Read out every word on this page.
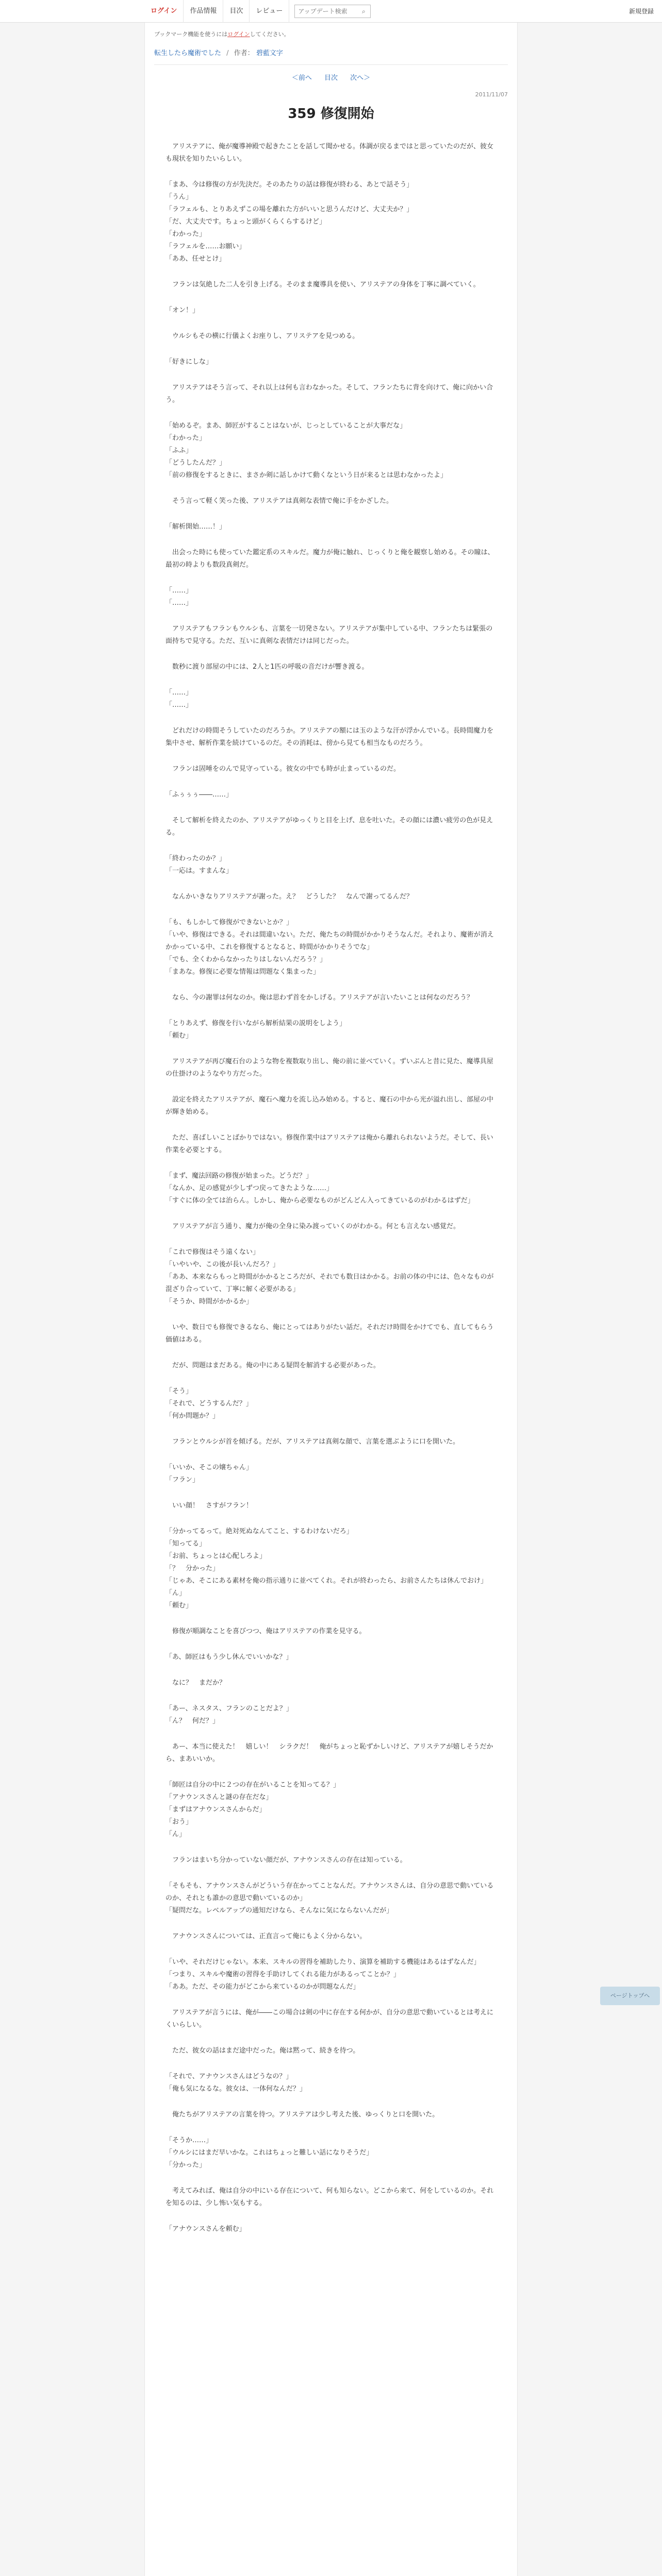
ログイン	作品情報	目次	レビュー
アップデート検索	⌕	新規登録
ブックマーク機能を使うにはログインしてください。
転生したら魔術でした / 作者： 碧藍文字
＜前へ 目次 次へ＞
2011/11/07
359 修復開始

　アリステアに、俺が魔導神殿で起きたことを話して聞かせる。体調が戻るまではと思っていたのだが、彼女も現状を知りたいらしい。

「まあ、今は修復の方が先決だ。そのあたりの話は修復が終わる、あとで話そう」
「うん」
「ラフェルも、とりあえずこの場を離れた方がいいと思うんだけど、大丈夫か？」
「だ、大丈夫です。ちょっと頭がくらくらするけど」
「わかった」
「ラフェルを……お願い」
「ああ、任せとけ」

　フランは気絶した二人を引き上げる。そのまま魔導具を使い、アリステアの身体を丁寧に調べていく。

「オン！」

　ウルシもその横に行儀よくお座りし、アリステアを見つめる。

「好きにしな」

　アリステアはそう言って、それ以上は何も言わなかった。そして、フランたちに背を向けて、俺に向かい合う。

「始めるぞ。まあ、師匠がすることはないが、じっとしていることが大事だな」
「わかった」
「ふふ」
「どうしたんだ？」
「前の修復をするときに、まさか剣に話しかけて動くなという日が来るとは思わなかったよ」

　そう言って軽く笑った後、アリステアは真剣な表情で俺に手をかざした。

「解析開始……！」

　出会った時にも使っていた鑑定系のスキルだ。魔力が俺に触れ、じっくりと俺を観察し始める。その瞳は、最初の時よりも数段真剣だ。

「……」
「……」

　アリステアもフランもウルシも、言葉を一切発さない。アリステアが集中している中、フランたちは緊張の面持ちで見守る。ただ、互いに真剣な表情だけは同じだった。

　数秒に渡り部屋の中には、2人と1匹の呼吸の音だけが響き渡る。

「……」
「……」

　どれだけの時間そうしていたのだろうか。アリステアの額には玉のような汗が浮かんでいる。長時間魔力を集中させ、解析作業を続けているのだ。その消耗は、傍から見ても相当なものだろう。

　フランは固唾をのんで見守っている。彼女の中でも時が止まっているのだ。

「ふぅぅぅ――……」

　そして解析を終えたのか、アリステアがゆっくりと目を上げ、息を吐いた。その顔には濃い疲労の色が見える。

「終わったのか？」
「一応は。すまんな」

　なんかいきなりアリステアが謝った。え？　どうした？　なんで謝ってるんだ？

「も、もしかして修復ができないとか？」
「いや、修復はできる。それは間違いない。ただ、俺たちの時間がかかりそうなんだ。それより、魔術が消えかかっている中、これを修復するとなると、時間がかかりそうでな」
「でも、全くわからなかったりはしないんだろう？」
「まあな。修復に必要な情報は問題なく集まった」

　なら、今の謝罪は何なのか。俺は思わず首をかしげる。アリステアが言いたいことは何なのだろう？

「とりあえず、修復を行いながら解析結果の説明をしよう」
「頼む」

　アリステアが再び魔石台のような物を複数取り出し、俺の前に並べていく。ずいぶんと昔に見た、魔導具屋の仕掛けのようなやり方だった。

　設定を終えたアリステアが、魔石へ魔力を流し込み始める。すると、魔石の中から光が溢れ出し、部屋の中が輝き始める。

　ただ、喜ばしいことばかりではない。修復作業中はアリステアは俺から離れられないようだ。そして、長い作業を必要とする。

「まず、魔法回路の修復が始まった。どうだ？」
「なんか、足の感覚が少しずつ戻ってきたような……」
「すぐに体の全ては治らん。しかし、俺から必要なものがどんどん入ってきているのがわかるはずだ」

　アリステアが言う通り、魔力が俺の全身に染み渡っていくのがわかる。何とも言えない感覚だ。

「これで修復はそう遠くない」
「いやいや、この後が長いんだろ？」
「ああ、本来ならもっと時間がかかるところだが、それでも数日はかかる。お前の体の中には、色々なものが混ざり合っていて、丁寧に解く必要がある」
「そうか、時間がかかるか」

　いや、数日でも修復できるなら、俺にとってはありがたい話だ。それだけ時間をかけてでも、直してもらう価値はある。

　だが、問題はまだある。俺の中にある疑問を解消する必要があった。

「そう」
「それで、どうするんだ？」
「何か問題か？」

　フランとウルシが首を傾げる。だが、アリステアは真剣な顔で、言葉を選ぶように口を開いた。

「いいか、そこの嬢ちゃん」
「フラン」

　いい顔！　さすがフラン！

「分かってるって。絶対死ぬなんてこと、するわけないだろ」
「知ってる」
「お前、ちょっとは心配しろよ」
「？　分かった」
「じゃあ、そこにある素材を俺の指示通りに並べてくれ。それが終わったら、お前さんたちは休んでおけ」
「ん」
「頼む」

　修復が順調なことを喜びつつ、俺はアリステアの作業を見守る。

「あ、師匠はもう少し休んでいいかな？」

　なに？　まだか？

「あー、ネスタス、フランのことだよ？」
「ん？　何だ？」

　あー、本当に使えた！　嬉しい！　シラクだ！　俺がちょっと恥ずかしいけど、アリステアが嬉しそうだから、まあいいか。

「師匠は自分の中に２つの存在がいることを知ってる？」
「アナウンスさんと謎の存在だな」
「まずはアナウンスさんからだ」
「おう」
「ん」

　フランはまいち分かっていない顔だが、アナウンスさんの存在は知っている。

「そもそも、アナウンスさんがどういう存在かってことなんだ。アナウンスさんは、自分の意思で動いているのか、それとも誰かの意思で動いているのか」
「疑問だな。レベルアップの通知だけなら、そんなに気にならないんだが」

　アナウンスさんについては、正直言って俺にもよく分からない。

「いや、それだけじゃない。本来、スキルの習得を補助したり、演算を補助する機能はあるはずなんだ」
「つまり、スキルや魔術の習得を手助けしてくれる能力があるってことか？」
「ああ。ただ、その能力がどこから来ているのかが問題なんだ」

　アリステアが言うには、俺が――この場合は剣の中に存在する何かが、自分の意思で動いているとは考えにくいらしい。

　ただ、彼女の話はまだ途中だった。俺は黙って、続きを待つ。

「それで、アナウンスさんはどうなの？」
「俺も気になるな。彼女は、一体何なんだ？」

　俺たちがアリステアの言葉を待つ。アリステアは少し考えた後、ゆっくりと口を開いた。

「そうか……」
「ウルシにはまだ早いかな。これはちょっと難しい話になりそうだ」
「分かった」

　考えてみれば、俺は自分の中にいる存在について、何も知らない。どこから来て、何をしているのか。それを知るのは、少し怖い気もする。

「アナウンスさんを頼む」

ページトップへ
